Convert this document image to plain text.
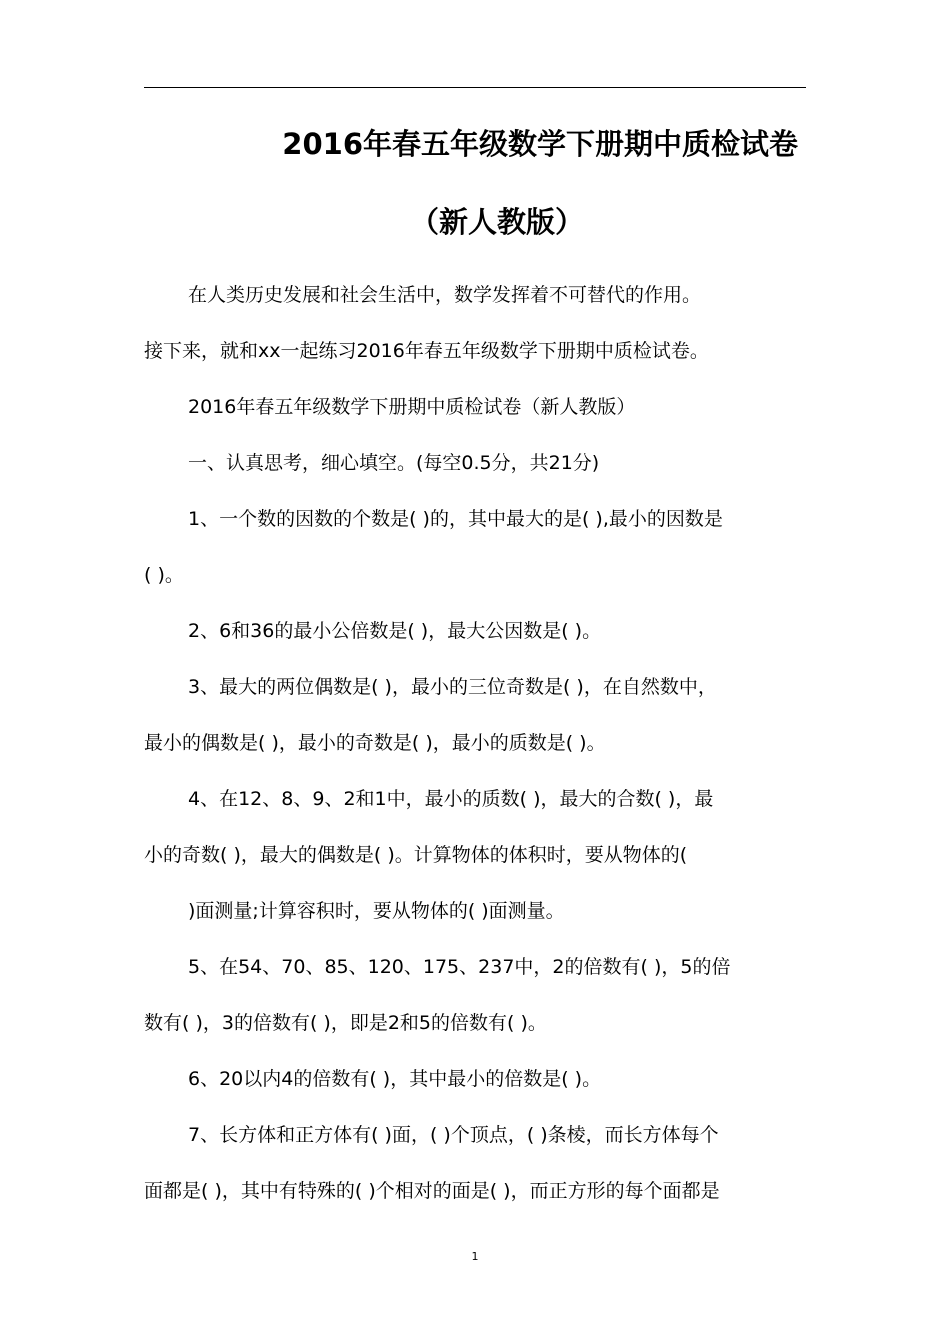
2016年春五年级数学下册期中质检试卷
（新人教版）
在人类历史发展和社会生活中，数学发挥着不可替代的作用。
接下来，就和xx一起练习2016年春五年级数学下册期中质检试卷。
2016年春五年级数学下册期中质检试卷（新人教版）
一、认真思考，细心填空。(每空0.5分，共21分)
1、一个数的因数的个数是( )的，其中最大的是( ),最小的因数是
( )。
2、6和36的最小公倍数是( )，最大公因数是( )。
3、最大的两位偶数是( )，最小的三位奇数是( )，在自然数中，
最小的偶数是( )，最小的奇数是( )，最小的质数是( )。
4、在12、8、9、2和1中，最小的质数( )，最大的合数( )，最
小的奇数( )，最大的偶数是( )。计算物体的体积时，要从物体的(
)面测量;计算容积时，要从物体的( )面测量。
5、在54、70、85、120、175、237中，2的倍数有( )，5的倍
数有( )，3的倍数有( )，即是2和5的倍数有( )。
6、20以内4的倍数有( )，其中最小的倍数是( )。
7、长方体和正方体有( )面，( )个顶点，( )条棱，而长方体每个
面都是( )，其中有特殊的( )个相对的面是( )，而正方形的每个面都是
1
